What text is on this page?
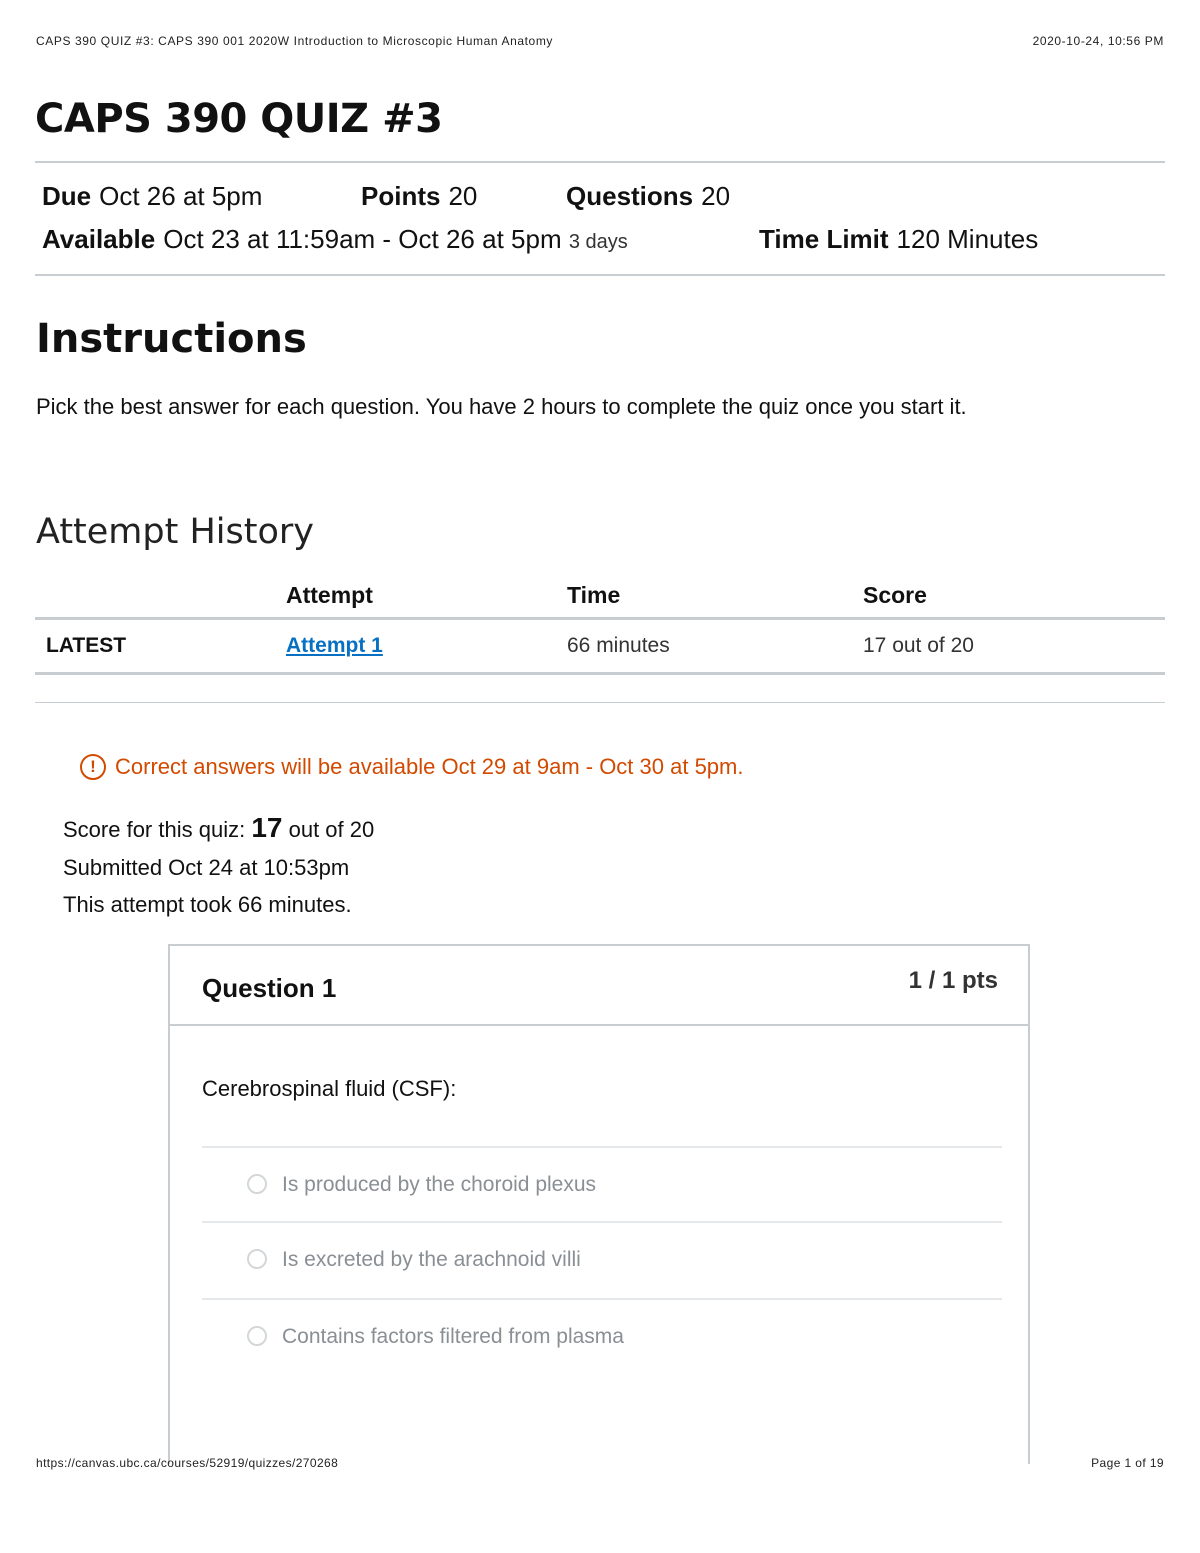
CAPS 390 QUIZ #3: CAPS 390 001 2020W Introduction to Microscopic Human Anatomy	2020-10-24, 10:56 PM
CAPS 390 QUIZ #3
Due Oct 26 at 5pm	Points 20	Questions 20
Available Oct 23 at 11:59am - Oct 26 at 5pm 3 days	Time Limit 120 Minutes
Instructions
Pick the best answer for each question. You have 2 hours to complete the quiz once you start it.
Attempt History
	Attempt	Time	Score
LATEST	Attempt 1	66 minutes	17 out of 20
! Correct answers will be available Oct 29 at 9am - Oct 30 at 5pm.
Score for this quiz: 17 out of 20
Submitted Oct 24 at 10:53pm
This attempt took 66 minutes.
Question 1	1 / 1 pts
Cerebrospinal fluid (CSF):
Is produced by the choroid plexus
Is excreted by the arachnoid villi
Contains factors filtered from plasma
https://canvas.ubc.ca/courses/52919/quizzes/270268	Page 1 of 19
